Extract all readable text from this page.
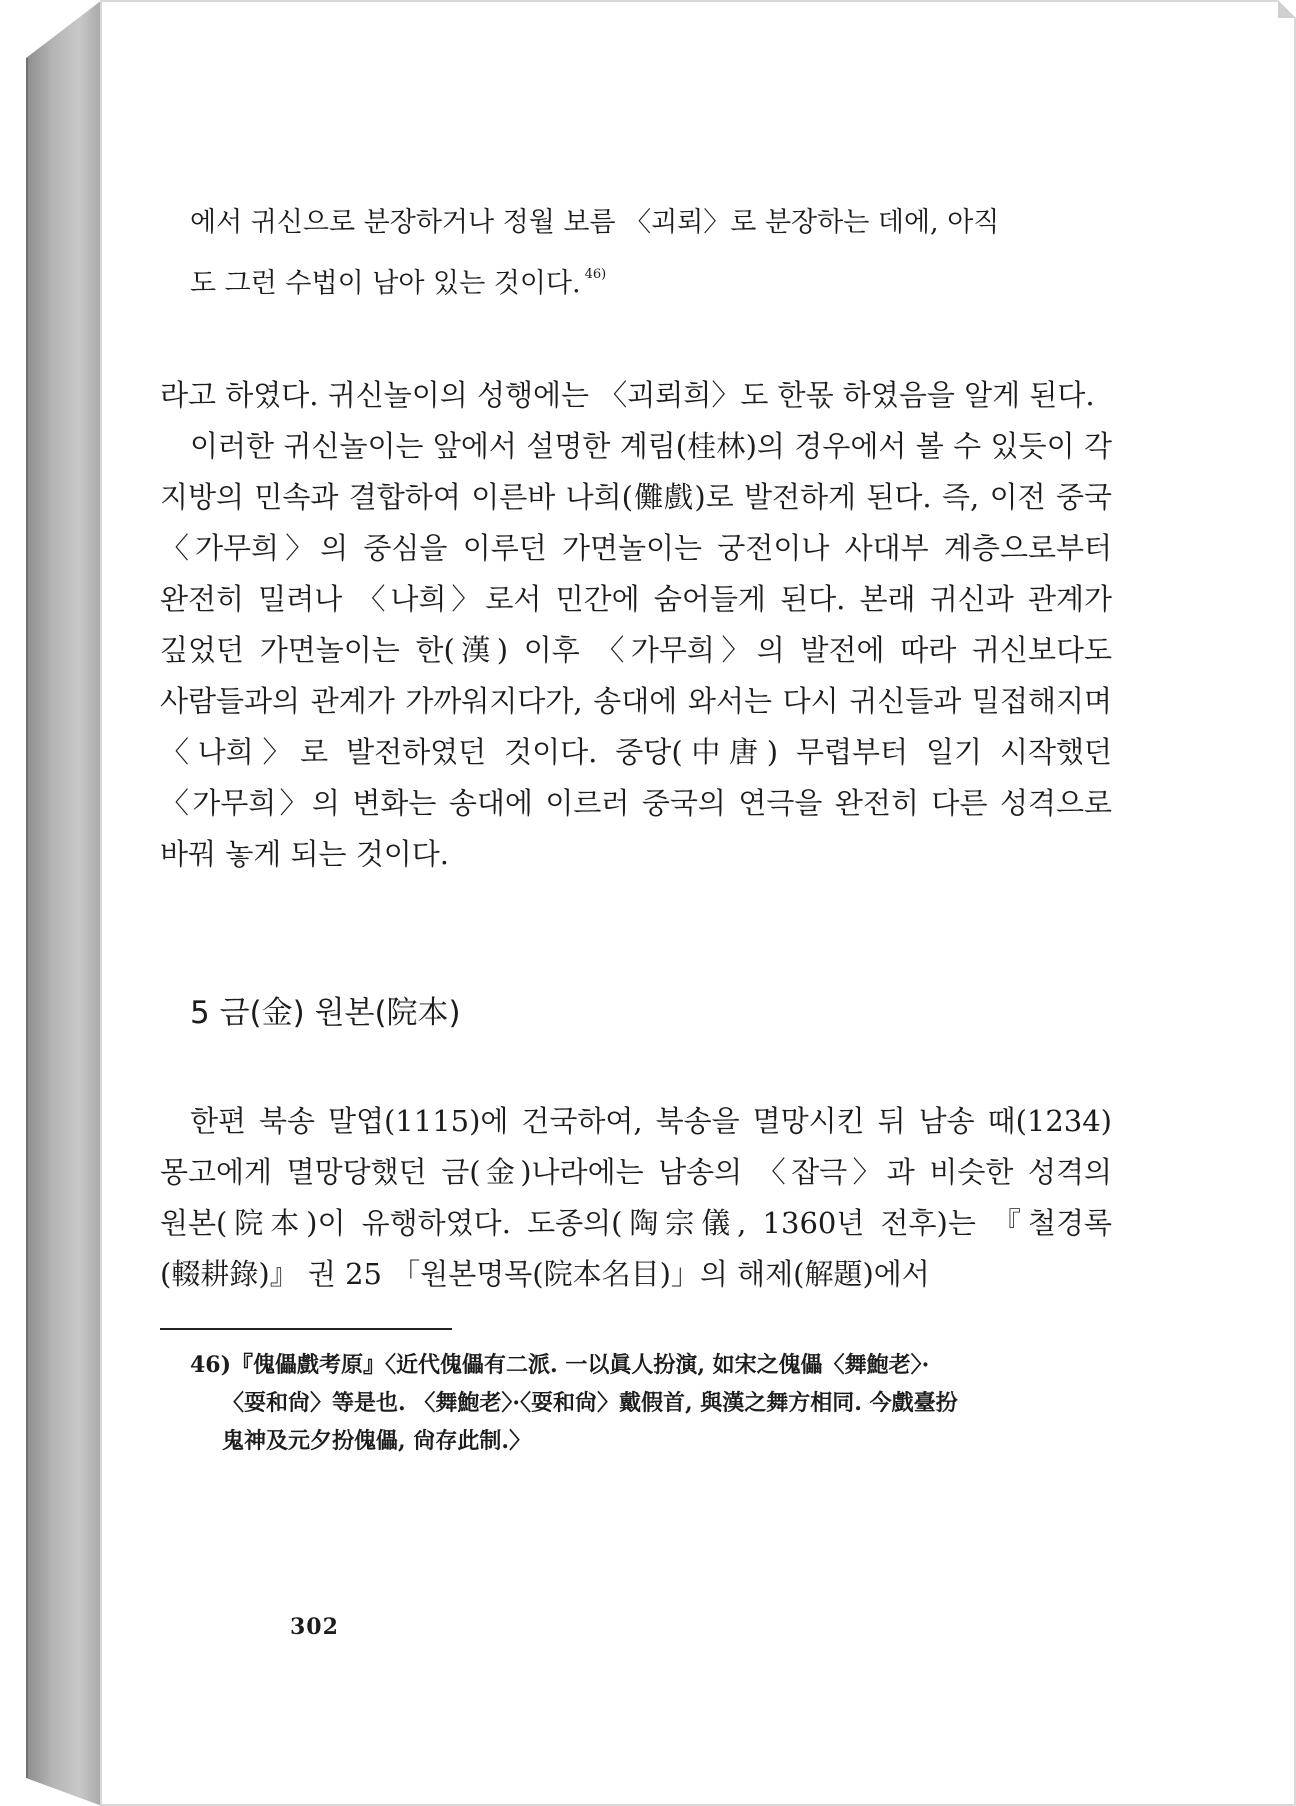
에서 귀신으로 분장하거나 정월 보름 〈괴뢰〉로 분장하는 데에, 아직
도 그런 수법이 남아 있는 것이다. $^{46)}$

라고 하였다. 귀신놀이의 성행에는 〈괴뢰희〉도 한몫 하였음을 알게 된다.

이러한 귀신놀이는 앞에서 설명한 계림(桂林)의 경우에서 볼 수 있듯이 각 지방의 민속과 결합하여 이른바 나희(儺戲)로 발전하게 된다. 즉, 이전 중국 〈가무희〉의 중심을 이루던 가면놀이는 궁전이나 사대부 계층으로부터 완전히 밀려나 〈나희〉로서 민간에 숨어들게 된다. 본래 귀신과 관계가 깊었던 가면놀이는 한(漢) 이후 〈가무희〉의 발전에 따라 귀신보다도 사람들과의 관계가 가까워지다가, 송대에 와서는 다시 귀신들과 밀접해지며 〈나희〉로 발전하였던 것이다. 중당(中唐) 무렵부터 일기 시작했던 〈가무희〉의 변화는 송대에 이르러 중국의 연극을 완전히 다른 성격으로 바꿔 놓게 되는 것이다.

5 금(金) 원본(院本)

한편 북송 말엽(1115)에 건국하여, 북송을 멸망시킨 뒤 남송 때(1234) 몽고에게 멸망당했던 금(金)나라에는 남송의 〈잡극〉과 비슷한 성격의 원본(院本)이 유행하였다. 도종의(陶宗儀, 1360년 전후)는 『철경록(輟耕錄)』 권 25 「원본명목(院本名目)」의 해제(解題)에서

46)『傀儡戲考原』〈近代傀儡有二派. 一以眞人扮演, 如宋之傀儡〈舞鮑老〉·
〈耍和尙〉等是也. 〈舞鮑老〉·〈耍和尙〉戴假首, 與漢之舞方相同. 今戲臺扮
鬼神及元夕扮傀儡, 尙存此制.〉
302
